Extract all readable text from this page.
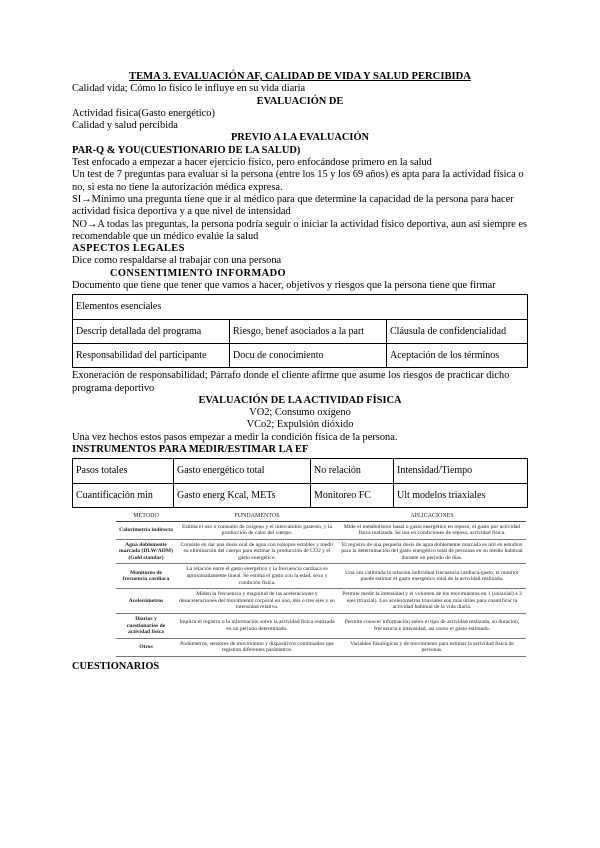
TEMA 3. EVALUACIÓN AF, CALIDAD DE VIDA Y SALUD PERCIBIDA

Calidad vida; Cómo lo físico le influye en su vida diaria

EVALUACIÓN DE

Actividad física(Gasto energético)

Calidad y salud percibida

PREVIO A LA EVALUACIÓN

PAR-Q & YOU(CUESTIONARIO DE LA SALUD)

Test enfocado a empezar a hacer ejercicio físico, pero enfocándose primero en la salud

Un test de 7 preguntas para evaluar si la persona (entre los 15 y los 69 años) es apta para la actividad física o no, si esta no tiene la autorización médica expresa.

SI→Mínimo una pregunta tiene que ir al médico para que determine la capacidad de la persona para hacer actividad física deportiva y a que nivel de intensidad

NO→A todas las preguntas, la persona podría seguir o iniciar la actividad físico deportiva, aun así siempre es recomendable que un médico evalúe la salud

ASPECTOS LEGALES

Dice como respaldarse al trabajar con una persona

CONSENTIMIENTO INFORMADO

Documento que tiene que tener que vamos a hacer, objetivos y riesgos que la persona tiene que firmar

Elementos esenciales		
Descrip detallada del programa	Riesgo, benef asociados a la part	Cláusula de confidencialidad
Responsabilidad del participante	Docu de conocimiento	Aceptación de los términos

Exoneración de responsabilidad; Párrafo donde el cliente afirme que asume los riesgos de practicar dicho programa deportivo

EVALUACIÓN DE LA ACTIVIDAD FÍSICA

VO2; Consumo oxígeno

VCo2; Expulsión dióxido

Una vez hechos estos pasos empezar a medir la condición física de la persona.

INSTRUMENTOS PARA MEDIR/ESTIMAR LA EF

Pasos totales	Gasto energético total	No relación	Intensidad/Tiempo
Cuantificación min	Gasto energ Kcal, METs	Monitoreo FC	Ult modelos triaxiales
MÉTODO	FUNDAMENTOS	APLICACIONES
Calorimetría indirecta	Estima el uso o consumo de oxígeno y el intercambio gaseoso, y la producción de calor del cuerpo.	Mide el metabolismo basal o gasto energético en reposo, el gasto por actividad física realizada. Se usa en condiciones de reposo, actividad física.
Agua doblemente marcada (DLW/ADM) (Gold standar)	Consiste en dar una dosis oral de agua con isótopos estables y medir su eliminación del cuerpo para estimar la producción de CO2 y el gasto energético.	El registro de una pequeña dosis de agua doblemente marcada es útil en estudios para la determinación del gasto energético total de personas en su medio habitual durante un periodo de días.
Monitoreo de frecuencia cardiaca	La relación entre el gasto energético y la frecuencia cardiaca es aproximadamente lineal. Se estima el gasto con la edad, sexo y condición física.	Una vez calibrada la relación individual frecuencia cardiaca-gasto, el monitor puede estimar el gasto energético total de la actividad realizada.
Acelerómetros	Miden la frecuencia y magnitud de las aceleraciones y desaceleraciones del movimiento corporal en uno, dos o tres ejes y su intensidad relativa.	Permite medir la intensidad y el volumen de los movimientos en 1 (uniaxial) a 3 ejes (triaxial). Los acelerómetros triaxiales son más útiles para cuantificar la actividad habitual de la vida diaria.
Diarios y cuestionarios de actividad física	Implica el registro o la información sobre la actividad física realizada en un periodo determinado.	Permite conocer información sobre el tipo de actividad realizada, su duración, frecuencia e intensidad, así como el gasto estimado.
Otros	Podómetros, sensores de movimiento y dispositivos combinados que registran diferentes parámetros.	Variables fisiológicas y de movimiento para estimar la actividad física de personas.

CUESTIONARIOS
